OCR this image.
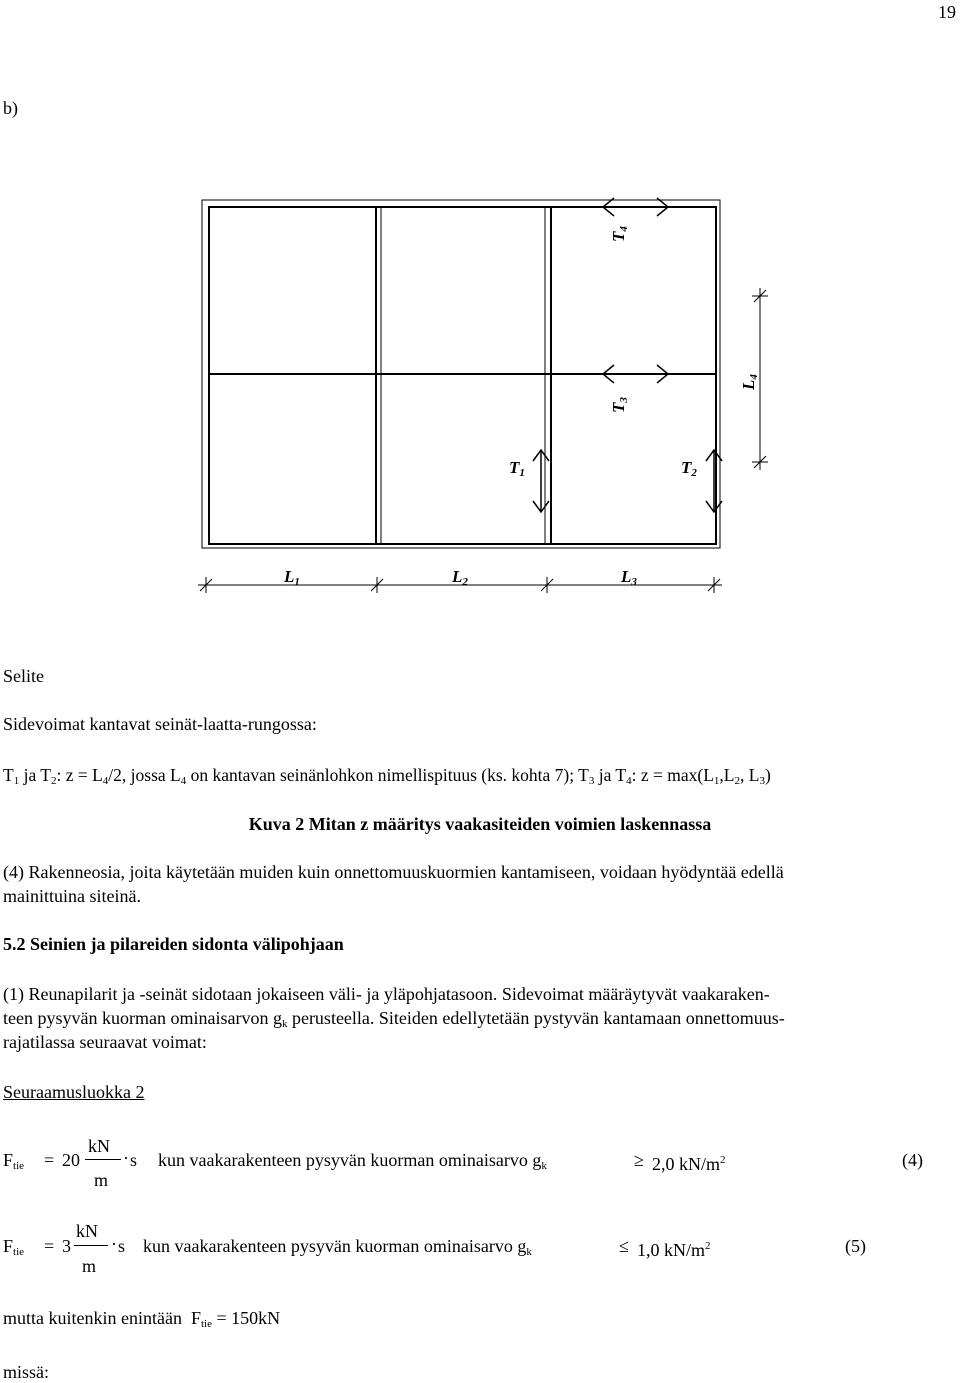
19
b)
T4
T3
L4
T1	T2
L1	L2	L3
Selite
Sidevoimat kantavat seinät-laatta-rungossa:
$T_1$ ja $T_2$: $z = L_4/2$, jossa $L_4$ on kantavan seinänlohkon nimellispituus (ks. kohta 7); $T_3$ ja $T_4$: $z = \max(L_1,L_2$, $L_3$)
Kuva 2 Mitan z määritys vaakasiteiden voimien laskennassa
(4) Rakenneosia, joita käytetään muiden kuin onnettomuuskuormien kantamiseen, voidaan hyödyntää edellä
mainittuina siteinä.
5.2 Seinien ja pilareiden sidonta välipohjaan
(1) Reunapilarit ja -seinät sidotaan jokaiseen väli- ja yläpohjatasoon. Sidevoimat määräytyvät vaakaraken-
teen pysyvän kuorman ominaisarvon $g_k$ perusteella. Siteiden edellytetään pystyvän kantamaan onnettomuus-
rajatilassa seuraavat voimat:
Seuraamusluokka 2
$F_{tie} = 20$
kN
m
· s kun vaakarakenteen pysyvän kuorman ominaisarvo $g_k$	≥ 2,0 $kN/m^2$	(4)
$F_{tie} = 3$
kN
m
· s kun vaakarakenteen pysyvän kuorman ominaisarvo $g_k$	≤ 1,0 $kN/m^2$	(5)
mutta kuitenkin enintään $F_{tie} = 150kN$
missä:
